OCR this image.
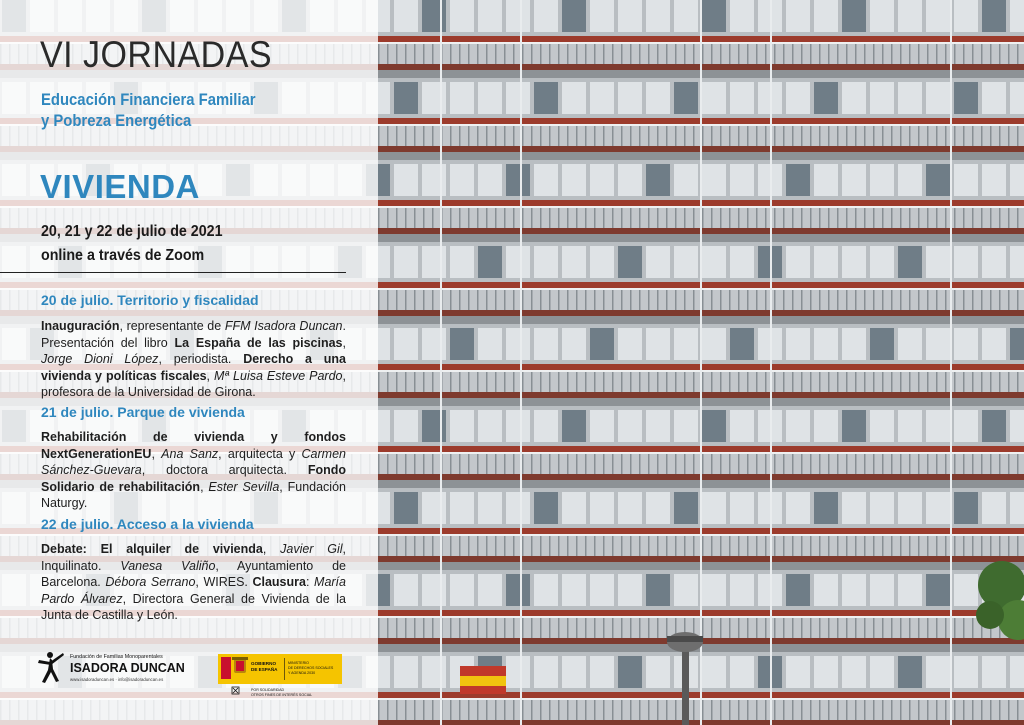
VI JORNADAS
Educación Financiera Familiar
y Pobreza Energética
VIVIENDA
20, 21 y 22 de julio de 2021
online a través de Zoom
20 de julio. Territorio y fiscalidad
Inauguración, representante de FFM Isadora Duncan. Presentación del libro La España de las piscinas, Jorge Dioni López, periodista. Derecho a una vivienda y políticas fiscales, Mª Luisa Esteve Pardo, profesora de la Universidad de Girona.
21 de julio. Parque de vivienda
Rehabilitación de vivienda y fondos NextGenerationEU, Ana Sanz, arquitecta y Carmen Sánchez-Guevara, doctora arquitecta. Fondo Solidario de rehabilitación, Ester Sevilla, Fundación Naturgy.
22 de julio. Acceso a la vivienda
Debate: El alquiler de vivienda, Javier Gil, Inquilinato. Vanesa Valiño, Ayuntamiento de Barcelona. Débora Serrano, WIRES. Clausura: María Pardo Álvarez, Directora General de Vivienda de la Junta de Castilla y León.
Fundación de Familias Monoparentales
ISADORA DUNCAN
www.isadoraduncan.es · info@isadoraduncan.es
GOBIERNO
DE ESPAÑA
MINISTERIO
DE DERECHOS SOCIALES
Y AGENDA 2030
POR SOLIDARIDAD
OTROS FINES DE INTERÉS SOCIAL
